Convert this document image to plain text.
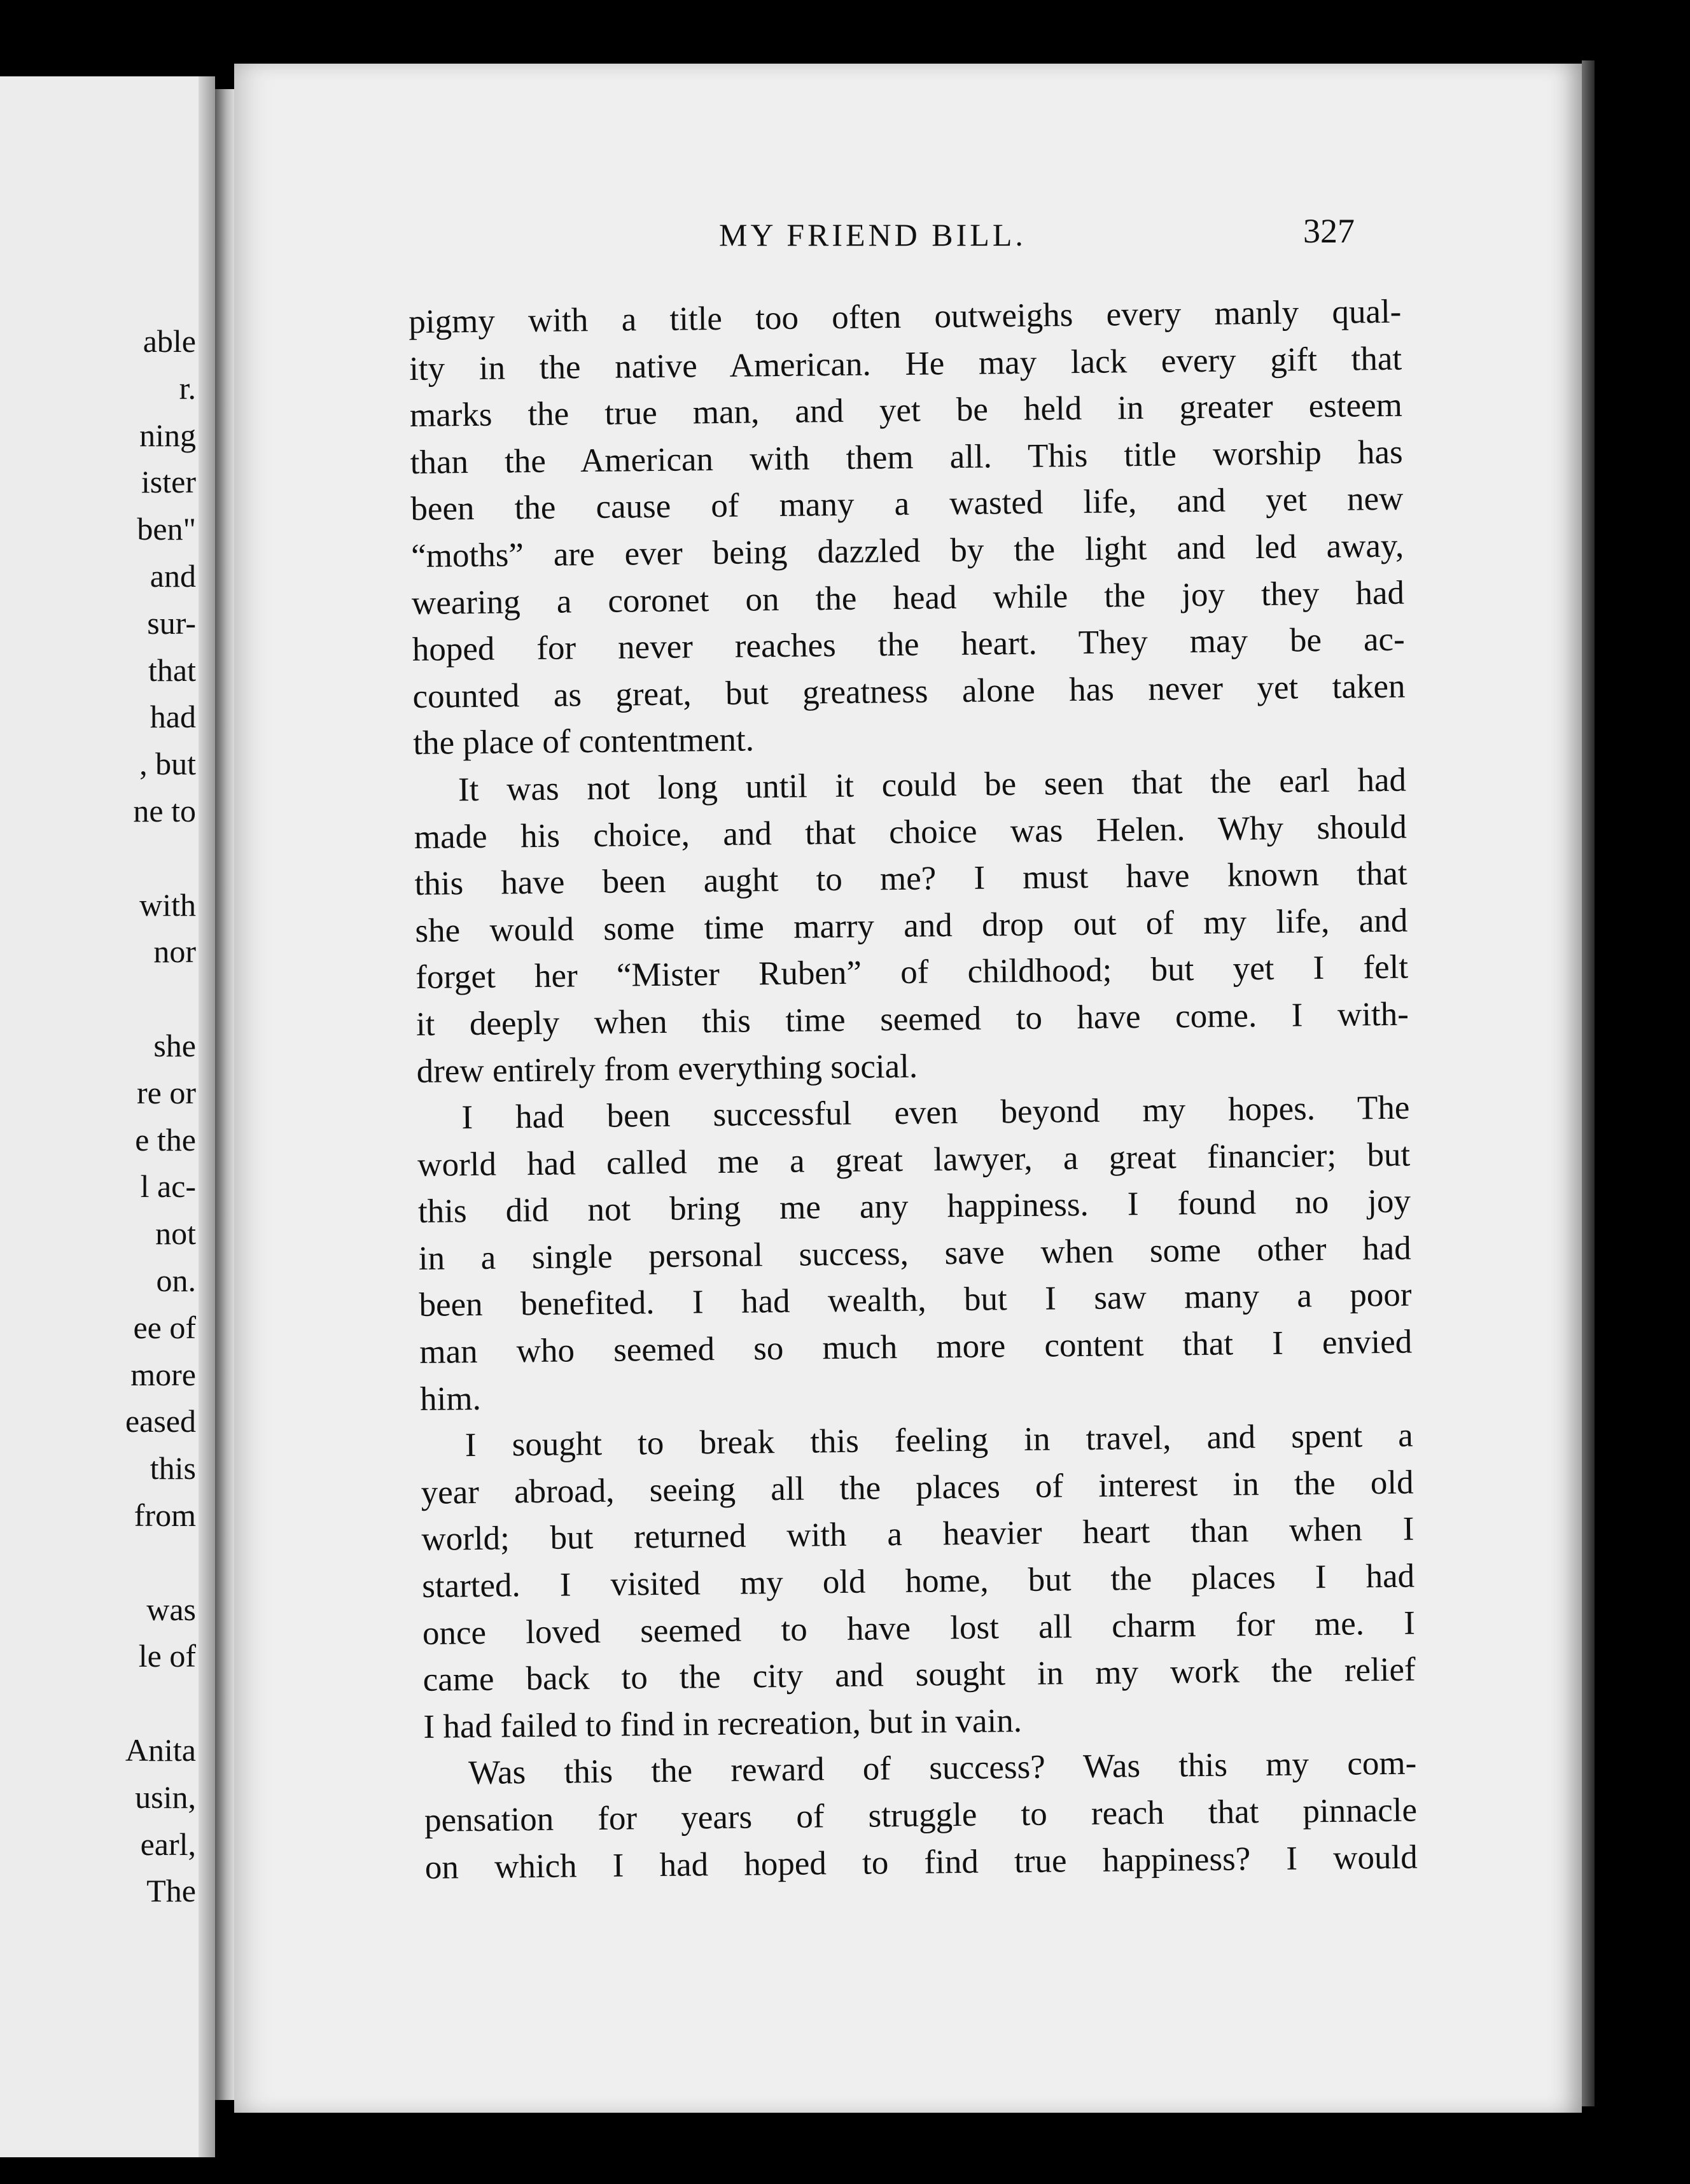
able
r.
ning
ister
ben"
and
sur-
that
had
, but
ne to
with
nor
she
re or
e the
l ac-
not
on.
ee of
more
eased
this
from
was
le of
Anita
usin,
earl,
The
MY FRIEND BILL.	327
pigmy with a title too often outweighs every manly qual-
ity in the native American. He may lack every gift that
marks the true man, and yet be held in greater esteem
than the American with them all. This title worship has
been the cause of many a wasted life, and yet new
“moths” are ever being dazzled by the light and led away,
wearing a coronet on the head while the joy they had
hoped for never reaches the heart. They may be ac-
counted as great, but greatness alone has never yet taken
the place of contentment.
It was not long until it could be seen that the earl had
made his choice, and that choice was Helen. Why should
this have been aught to me? I must have known that
she would some time marry and drop out of my life, and
forget her “Mister Ruben” of childhood; but yet I felt
it deeply when this time seemed to have come. I with-
drew entirely from everything social.
I had been successful even beyond my hopes. The
world had called me a great lawyer, a great financier; but
this did not bring me any happiness. I found no joy
in a single personal success, save when some other had
been benefited. I had wealth, but I saw many a poor
man who seemed so much more content that I envied
him.
I sought to break this feeling in travel, and spent a
year abroad, seeing all the places of interest in the old
world; but returned with a heavier heart than when I
started. I visited my old home, but the places I had
once loved seemed to have lost all charm for me. I
came back to the city and sought in my work the relief
I had failed to find in recreation, but in vain.
Was this the reward of success? Was this my com-
pensation for years of struggle to reach that pinnacle
on which I had hoped to find true happiness? I would
